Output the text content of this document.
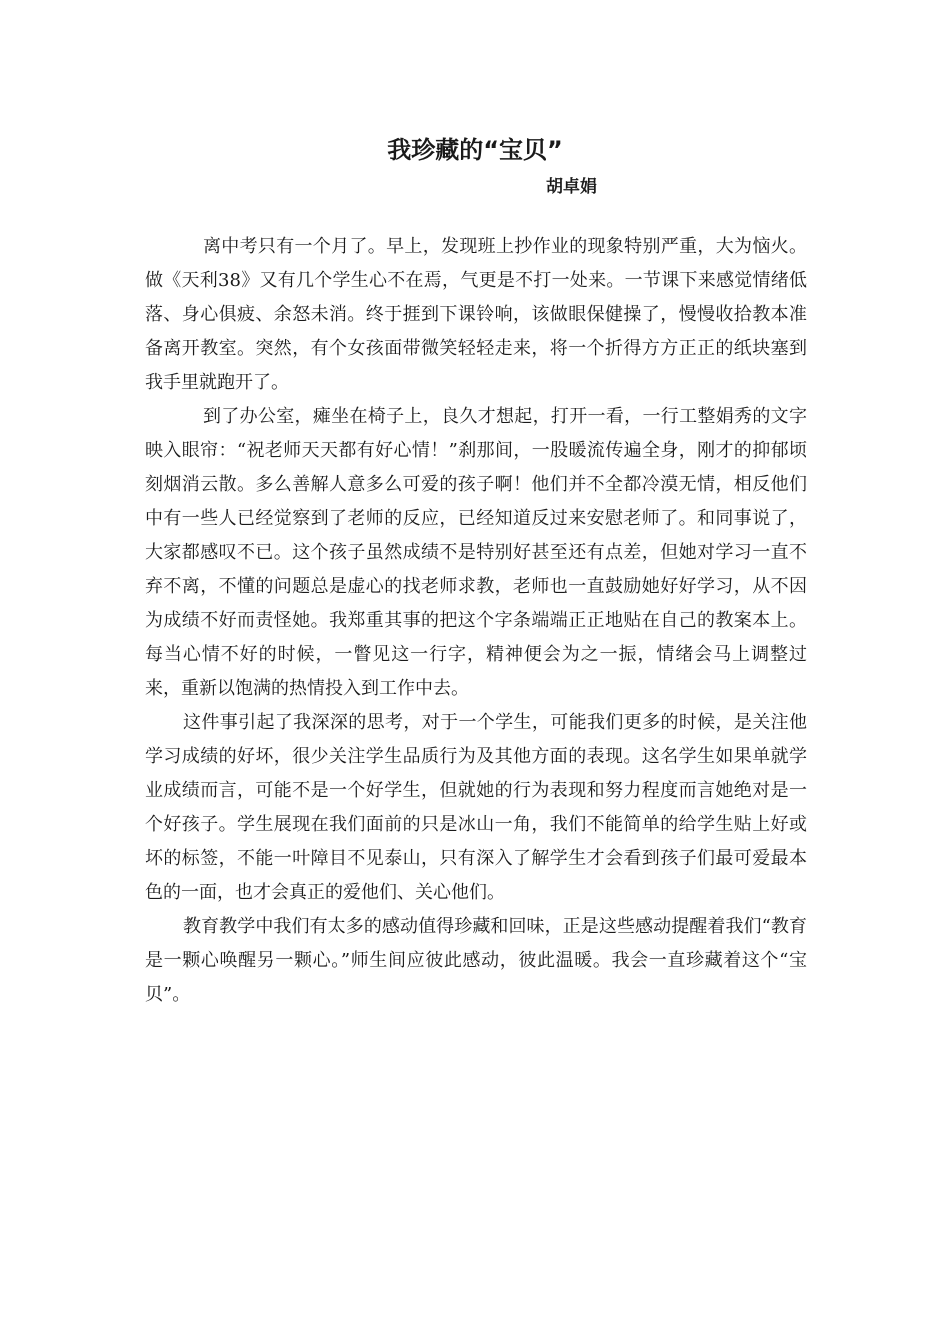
我珍藏的“宝贝”

胡卓娟

离中考只有一个月了。早上，发现班上抄作业的现象特别严重，大为恼火。做《天利38》又有几个学生心不在焉，气更是不打一处来。一节课下来感觉情绪低落、身心俱疲、余怒未消。终于捱到下课铃响，该做眼保健操了，慢慢收拾教本准备离开教室。突然，有个女孩面带微笑轻轻走来，将一个折得方方正正的纸块塞到我手里就跑开了。

到了办公室，瘫坐在椅子上，良久才想起，打开一看，一行工整娟秀的文字映入眼帘：“祝老师天天都有好心情！”刹那间，一股暖流传遍全身，刚才的抑郁顷刻烟消云散。多么善解人意多么可爱的孩子啊！他们并不全都冷漠无情，相反他们中有一些人已经觉察到了老师的反应，已经知道反过来安慰老师了。和同事说了，大家都感叹不已。这个孩子虽然成绩不是特别好甚至还有点差，但她对学习一直不弃不离，不懂的问题总是虚心的找老师求教，老师也一直鼓励她好好学习，从不因为成绩不好而责怪她。我郑重其事的把这个字条端端正正地贴在自己的教案本上。每当心情不好的时候，一瞥见这一行字，精神便会为之一振，情绪会马上调整过来，重新以饱满的热情投入到工作中去。

这件事引起了我深深的思考，对于一个学生，可能我们更多的时候，是关注他学习成绩的好坏，很少关注学生品质行为及其他方面的表现。这名学生如果单就学业成绩而言，可能不是一个好学生，但就她的行为表现和努力程度而言她绝对是一个好孩子。学生展现在我们面前的只是冰山一角，我们不能简单的给学生贴上好或坏的标签，不能一叶障目不见泰山，只有深入了解学生才会看到孩子们最可爱最本色的一面，也才会真正的爱他们、关心他们。

教育教学中我们有太多的感动值得珍藏和回味，正是这些感动提醒着我们“教育是一颗心唤醒另一颗心。”师生间应彼此感动，彼此温暖。我会一直珍藏着这个“宝贝”。
